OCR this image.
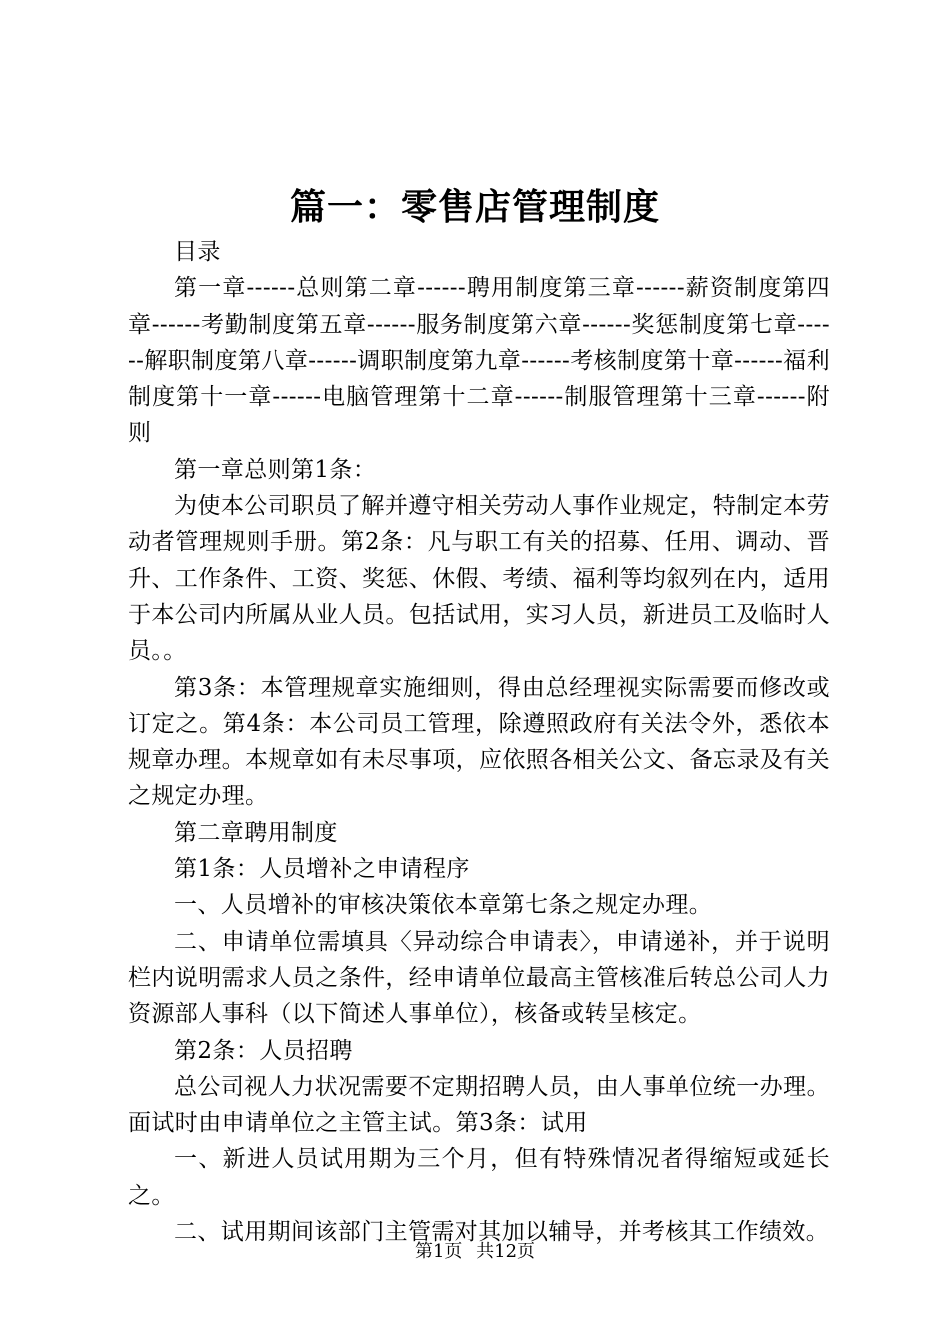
篇一：零售店管理制度

目录

第一章------总则第二章------聘用制度第三章------薪资制度第四章------考勤制度第五章------服务制度第六章------奖惩制度第七章------解职制度第八章------调职制度第九章------考核制度第十章------福利制度第十一章------电脑管理第十二章------制服管理第十三章------附则

第一章总则第1条：

为使本公司职员了解并遵守相关劳动人事作业规定，特制定本劳动者管理规则手册。第2条：凡与职工有关的招募、任用、调动、晋升、工作条件、工资、奖惩、休假、考绩、福利等均叙列在内，适用于本公司内所属从业人员。包括试用，实习人员，新进员工及临时人员。。

第3条：本管理规章实施细则，得由总经理视实际需要而修改或订定之。第4条：本公司员工管理，除遵照政府有关法令外，悉依本规章办理。本规章如有未尽事项，应依照各相关公文、备忘录及有关之规定办理。

第二章聘用制度

第1条：人员增补之申请程序

一、人员增补的审核决策依本章第七条之规定办理。

二、申请单位需填具〈异动综合申请表〉，申请递补，并于说明栏内说明需求人员之条件，经申请单位最高主管核准后转总公司人力资源部人事科（以下简述人事单位），核备或转呈核定。

第2条：人员招聘

总公司视人力状况需要不定期招聘人员，由人事单位统一办理。面试时由申请单位之主管主试。第3条：试用

一、新进人员试用期为三个月，但有特殊情况者得缩短或延长之。

二、试用期间该部门主管需对其加以辅导，并考核其工作绩效。

第1页 共12页
